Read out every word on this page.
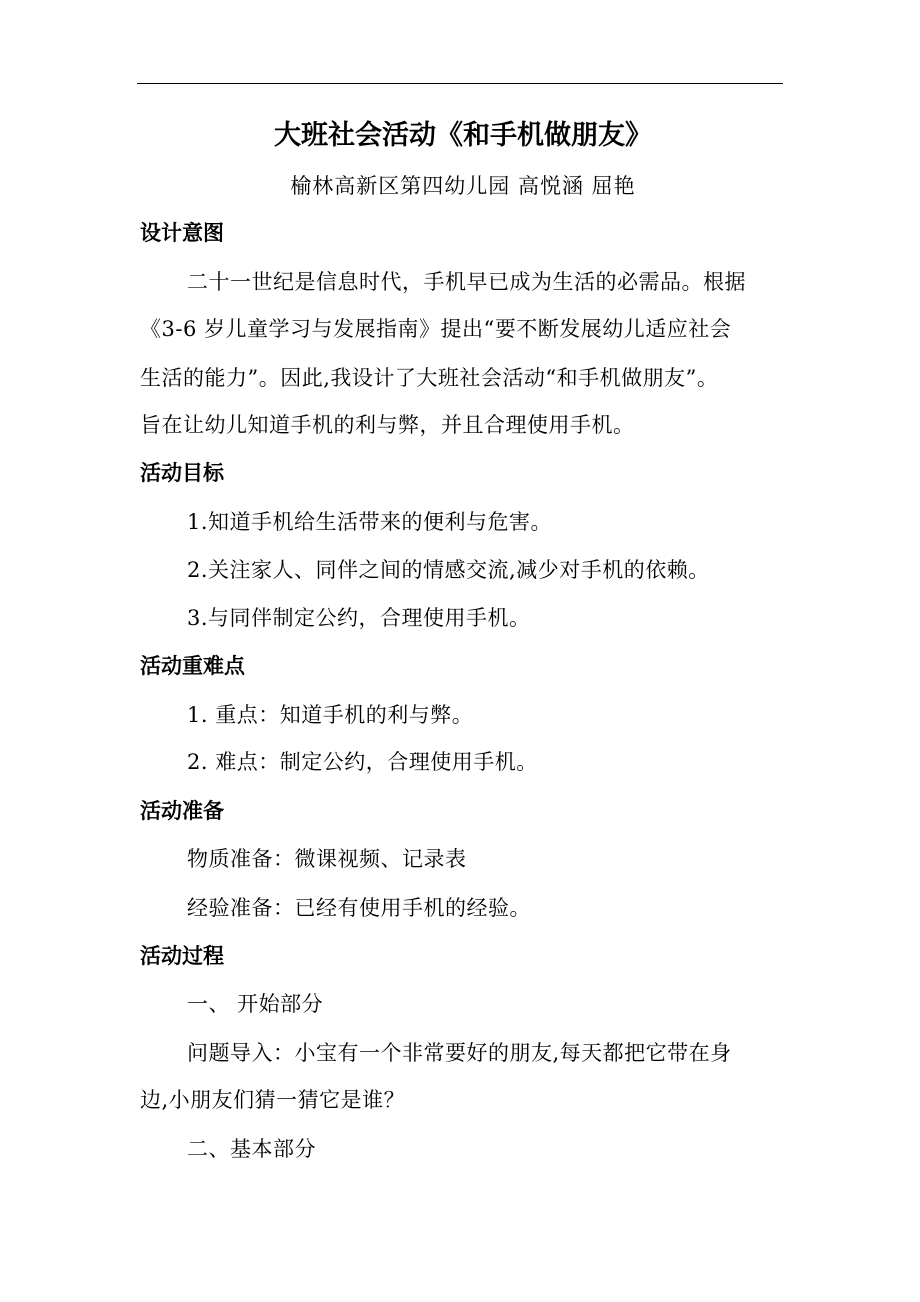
大班社会活动《和手机做朋友》
榆林高新区第四幼儿园 高悦涵 屈艳
设计意图
二十一世纪是信息时代，手机早已成为生活的必需品。根据
《3-6 岁儿童学习与发展指南》提出“要不断发展幼儿适应社会
生活的能力”。因此,我设计了大班社会活动“和手机做朋友”。
旨在让幼儿知道手机的利与弊，并且合理使用手机。
活动目标
1.知道手机给生活带来的便利与危害。
2.关注家人、同伴之间的情感交流,减少对手机的依赖。
3.与同伴制定公约，合理使用手机。
活动重难点
1. 重点：知道手机的利与弊。
2. 难点：制定公约，合理使用手机。
活动准备
物质准备：微课视频、记录表
经验准备：已经有使用手机的经验。
活动过程
一、 开始部分
问题导入：小宝有一个非常要好的朋友,每天都把它带在身
边,小朋友们猜一猜它是谁？
二、基本部分
